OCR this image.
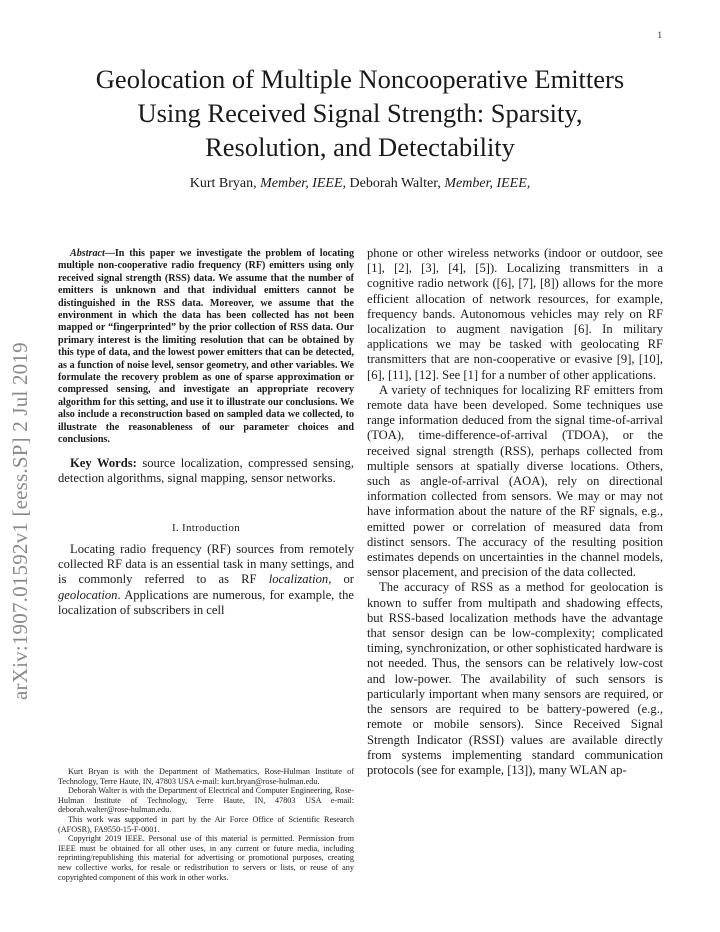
1
arXiv:1907.01592v1 [eess.SP] 2 Jul 2019
Geolocation of Multiple Noncooperative Emitters
Using Received Signal Strength: Sparsity,
Resolution, and Detectability
Kurt Bryan, Member, IEEE, Deborah Walter, Member, IEEE,

Abstract—In this paper we investigate the problem of locating multiple non-cooperative radio frequency (RF) emitters using only received signal strength (RSS) data. We assume that the number of emitters is unknown and that individual emitters cannot be distinguished in the RSS data. Moreover, we assume that the environment in which the data has been collected has not been mapped or “fingerprinted” by the prior collection of RSS data. Our primary interest is the limiting resolution that can be obtained by this type of data, and the lowest power emitters that can be detected, as a function of noise level, sensor geometry, and other variables. We formulate the recovery problem as one of sparse approximation or compressed sensing, and investigate an appropriate recovery algorithm for this setting, and use it to illustrate our conclusions. We also include a reconstruction based on sampled data we collected, to illustrate the reasonableness of our parameter choices and conclusions.

Key Words: source localization, compressed sensing, detection algorithms, signal mapping, sensor networks.

I. Introduction

Locating radio frequency (RF) sources from remotely collected RF data is an essential task in many settings, and is commonly referred to as RF localization, or geolocation. Applications are numerous, for example, the localization of subscribers in cell

Kurt Bryan is with the Department of Mathematics, Rose-Hulman Institute of Technology, Terre Haute, IN, 47803 USA e-mail: kurt.bryan@rose-hulman.edu.

Deborah Walter is with the Department of Electrical and Computer Engineering, Rose-Hulman Institute of Technology, Terre Haute, IN, 47803 USA e-mail: deborah.walter@rose-hulman.edu.

This work was supported in part by the Air Force Office of Scientific Research (AFOSR), FA9550-15-F-0001.

Copyright 2019 IEEE. Personal use of this material is permitted. Permission from IEEE must be obtained for all other uses, in any current or future media, including reprinting/republishing this material for advertising or promotional purposes, creating new collective works, for resale or redistribution to servers or lists, or reuse of any copyrighted component of this work in other works.

phone or other wireless networks (indoor or outdoor, see [1], [2], [3], [4], [5]). Localizing transmitters in a cognitive radio network ([6], [7], [8]) allows for the more efficient allocation of network resources, for example, frequency bands. Autonomous vehicles may rely on RF localization to augment navigation [6]. In military applications we may be tasked with geolocating RF transmitters that are non-cooperative or evasive [9], [10], [6], [11], [12]. See [1] for a number of other applications.

A variety of techniques for localizing RF emitters from remote data have been developed. Some techniques use range information deduced from the signal time-of-arrival (TOA), time-difference-of-arrival (TDOA), or the received signal strength (RSS), perhaps collected from multiple sensors at spatially diverse locations. Others, such as angle-of-arrival (AOA), rely on directional information collected from sensors. We may or may not have information about the nature of the RF signals, e.g., emitted power or correlation of measured data from distinct sensors. The accuracy of the resulting position estimates depends on uncertainties in the channel models, sensor placement, and precision of the data collected.

The accuracy of RSS as a method for geolocation is known to suffer from multipath and shadowing effects, but RSS-based localization methods have the advantage that sensor design can be low-complexity; complicated timing, synchronization, or other sophisticated hardware is not needed. Thus, the sensors can be relatively low-cost and low-power. The availability of such sensors is particularly important when many sensors are required, or the sensors are required to be battery-powered (e.g., remote or mobile sensors). Since Received Signal Strength Indicator (RSSI) values are available directly from systems implementing standard communication protocols (see for example, [13]), many WLAN ap-
